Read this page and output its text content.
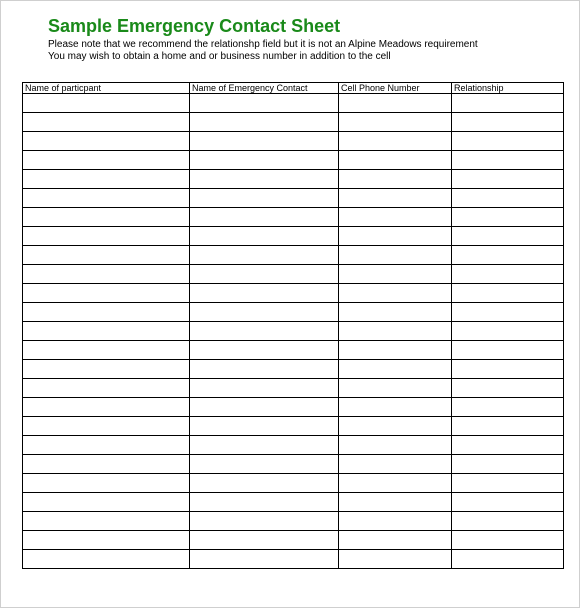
Sample Emergency Contact Sheet
Please note that we recommend the relationshp field but it is not an Alpine Meadows requirement
You may wish to obtain a home and or business number in addition to the cell
Name of particpant	Name of Emergency Contact	Cell Phone Number	Relationship
